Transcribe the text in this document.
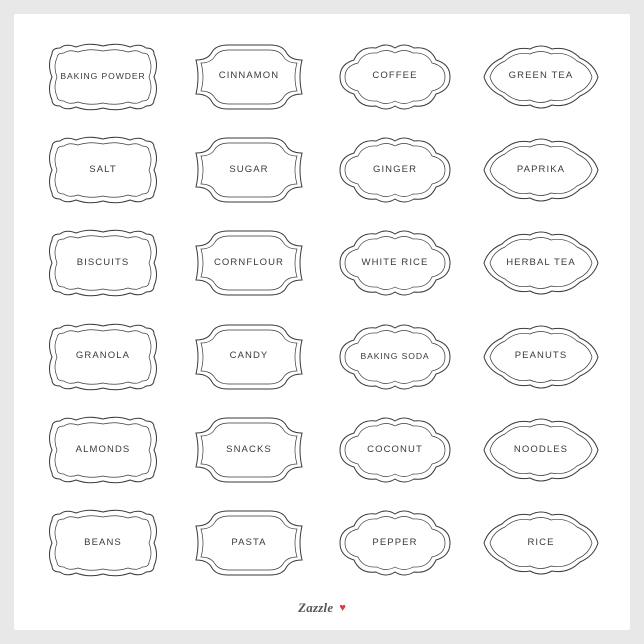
BAKING POWDER	CINNAMON	COFFEE	GREEN TEA
SALT	SUGAR	GINGER	PAPRIKA
BISCUITS	CORNFLOUR	WHITE RICE	HERBAL TEA
GRANOLA	CANDY	BAKING SODA	PEANUTS
ALMONDS	SNACKS	COCONUT	NOODLES
BEANS	PASTA	PEPPER	RICE
Zazzle ♥
